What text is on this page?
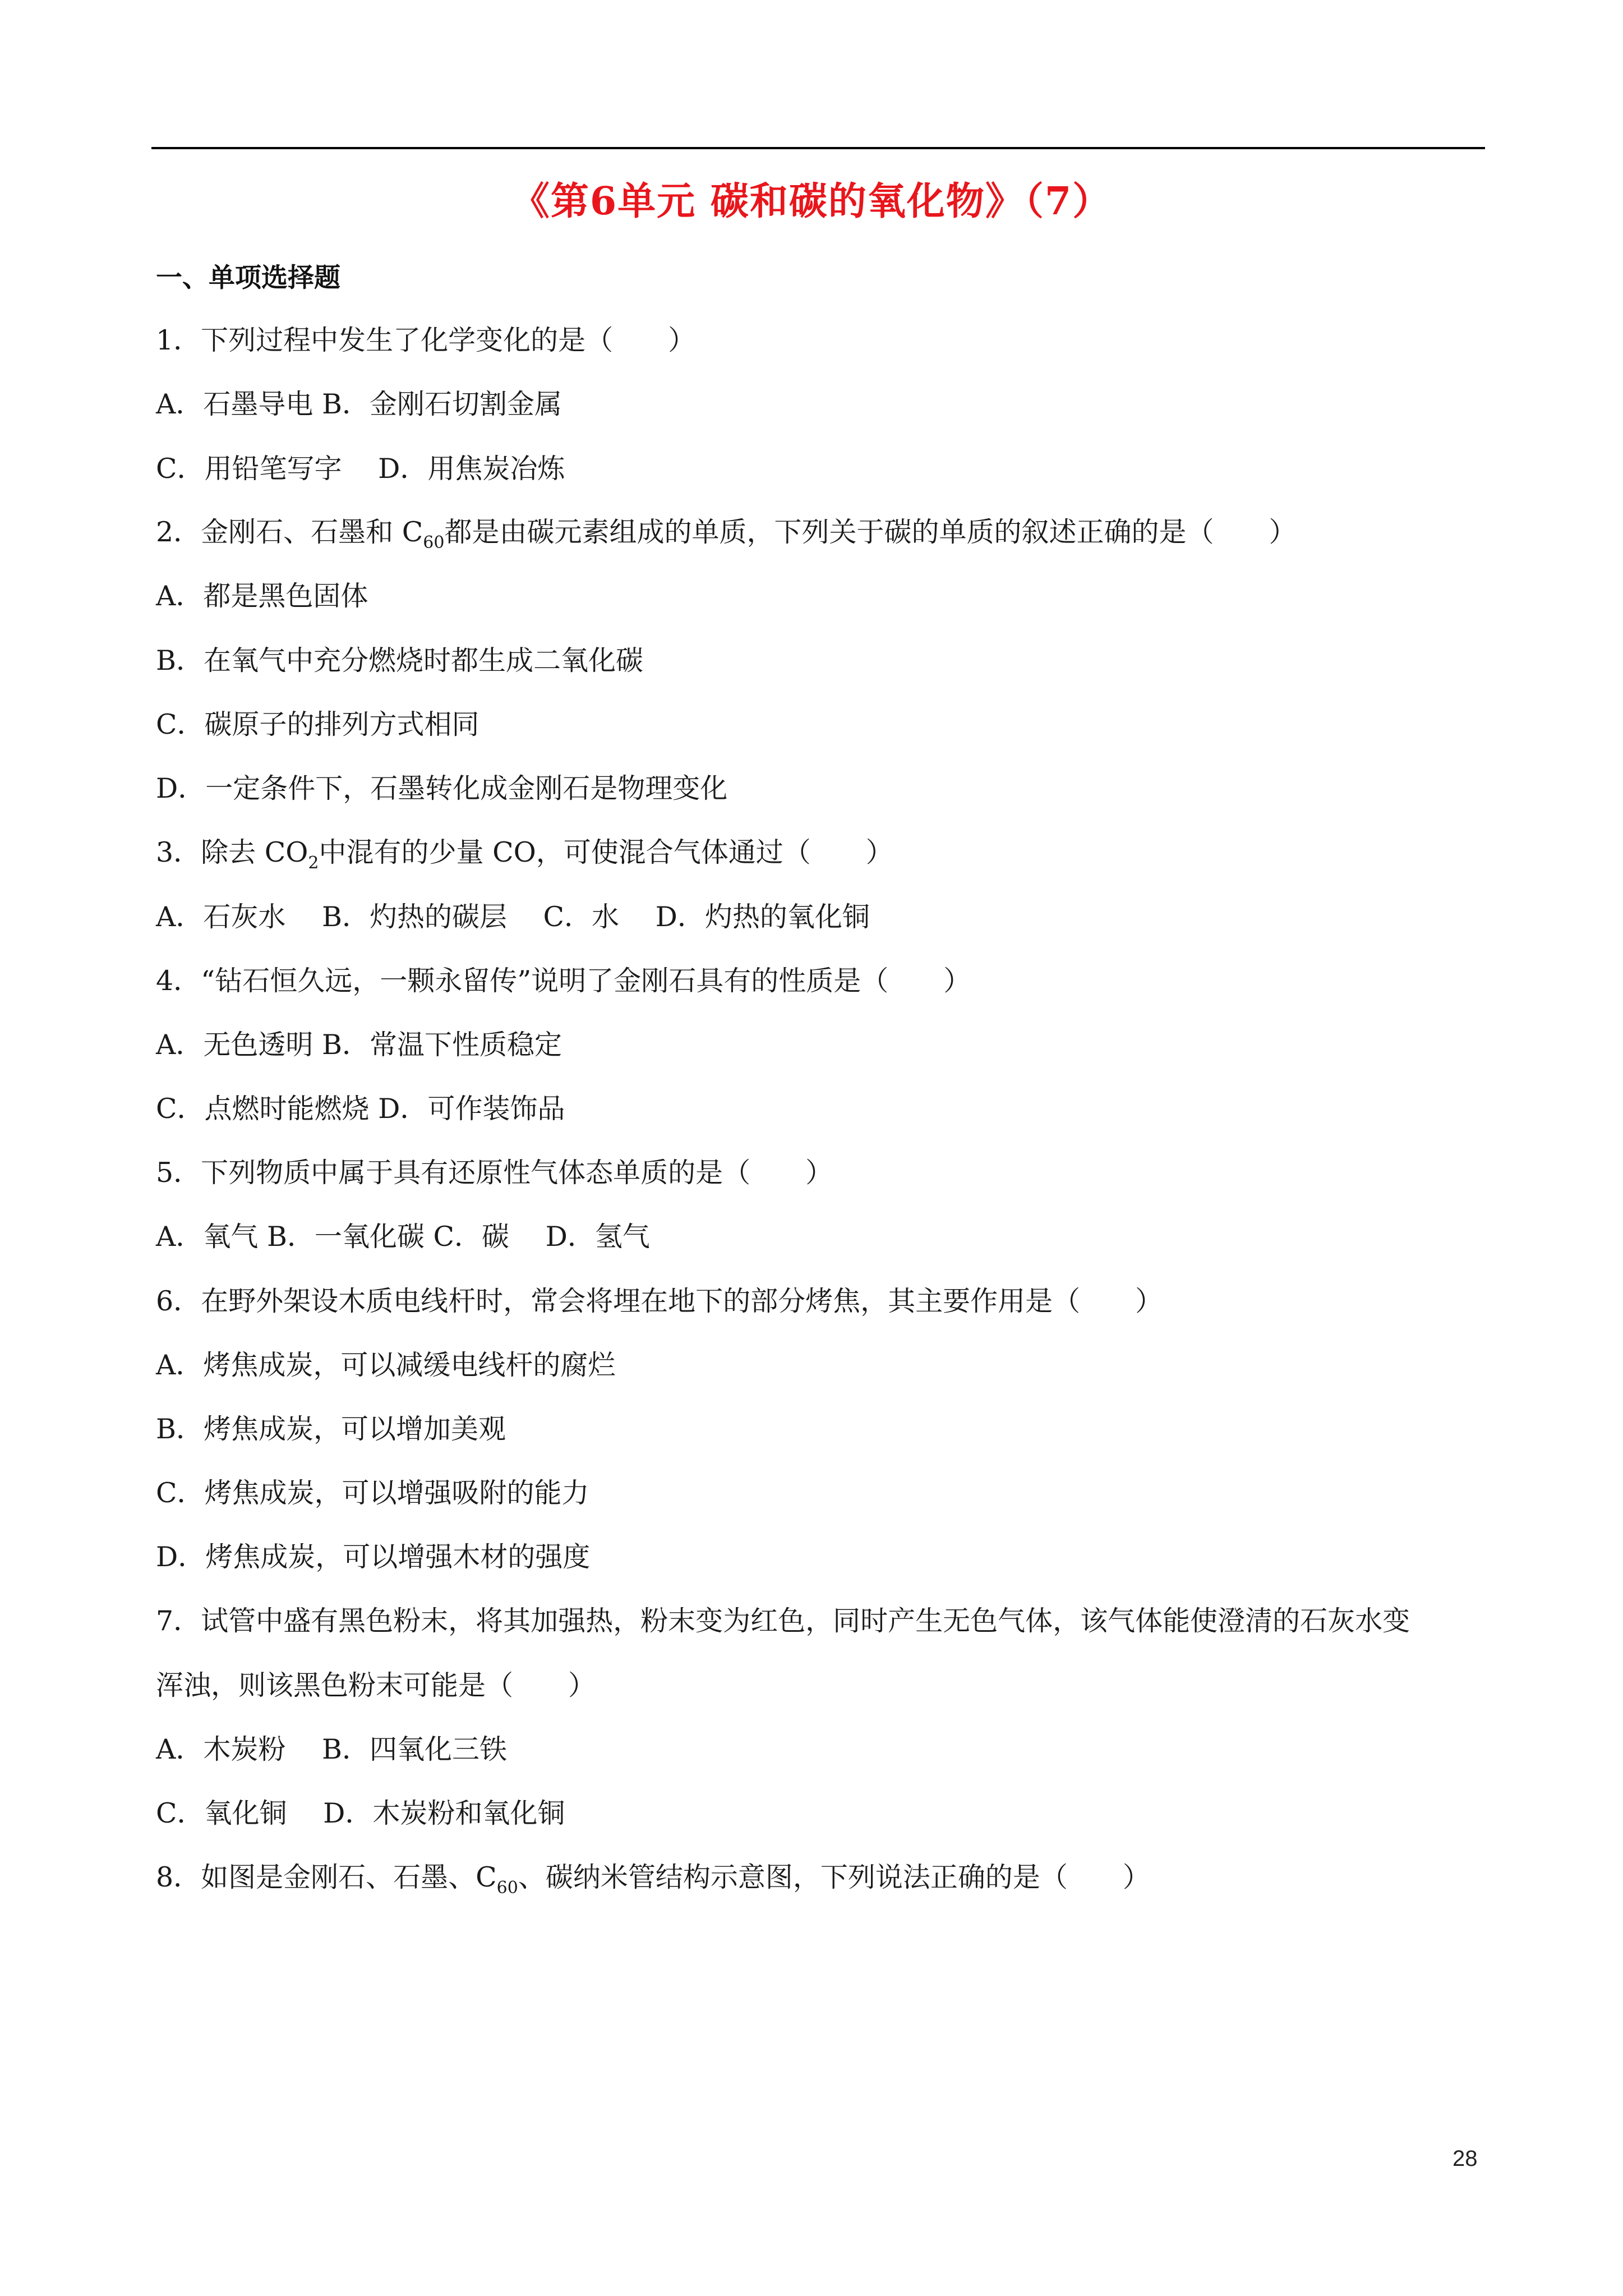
《第6单元 碳和碳的氧化物》（7）
一、单项选择题
1．下列过程中发生了化学变化的是（　　）
A．石墨导电 B．金刚石切割金属
C．用铅笔写字　 D．用焦炭冶炼
2．金刚石、石墨和 $C_{60}$都是由碳元素组成的单质，下列关于碳的单质的叙述正确的是（　　）
A．都是黑色固体
B．在氧气中充分燃烧时都生成二氧化碳
C．碳原子的排列方式相同
D．一定条件下，石墨转化成金刚石是物理变化
3．除去 $CO_2$中混有的少量 CO，可使混合气体通过（　　）
A．石灰水　 B．灼热的碳层　 C．水　 D．灼热的氧化铜
4．“钻石恒久远，一颗永留传”说明了金刚石具有的性质是（　　）
A．无色透明 B．常温下性质稳定
C．点燃时能燃烧 D．可作装饰品
5．下列物质中属于具有还原性气体态单质的是（　　）
A．氧气 B．一氧化碳 C．碳　 D．氢气
6．在野外架设木质电线杆时，常会将埋在地下的部分烤焦，其主要作用是（　　）
A．烤焦成炭，可以减缓电线杆的腐烂
B．烤焦成炭，可以增加美观
C．烤焦成炭，可以增强吸附的能力
D．烤焦成炭，可以增强木材的强度
7．试管中盛有黑色粉末，将其加强热，粉末变为红色，同时产生无色气体，该气体能使澄清的石灰水变
浑浊，则该黑色粉末可能是（　　）
A．木炭粉　 B．四氧化三铁
C．氧化铜　 D．木炭粉和氧化铜
8．如图是金刚石、石墨、$C_{60}$、碳纳米管结构示意图，下列说法正确的是（　　）
28
